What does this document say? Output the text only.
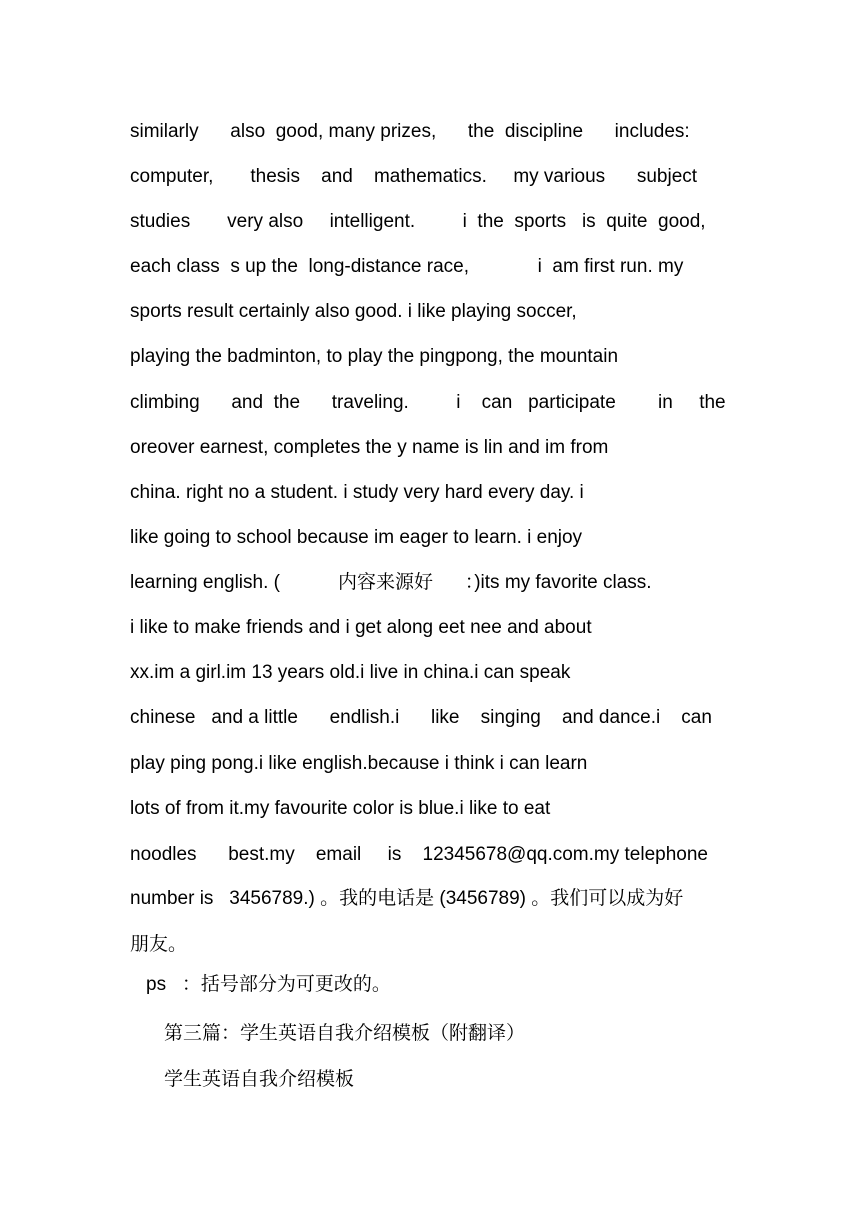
similarly      also  good, many prizes,      the  discipline      includes:
computer,       thesis    and    mathematics.     my various      subject
studies       very also     intelligent.         i  the  sports   is  quite  good,
each class  s up the  long-distance race,             i  am first run. my
sports result certainly also good. i like playing soccer,
playing the badminton, to play the pingpong, the mountain
climbing      and  the      traveling.         i    can   participate        in     the
oreover earnest, completes the y name is lin and im from
china. right no a student. i study very hard every day. i
like going to school because im eager to learn. i enjoy
learning english. (           内容来源好      ：)its my favorite class.
i like to make friends and i get along eet nee and about
xx.im a girl.im 13 years old.i live in china.i can speak
chinese   and a little      endlish.i      like    singing    and dance.i    can
play ping pong.i like english.because i think i can learn
lots of from it.my favourite color is blue.i like to eat
noodles      best.my    email     is    12345678@qq.com.my telephone
number is   3456789.) 。我的电话是 (3456789) 。我们可以成为好
朋友。
ps   ：括号部分为可更改的。
第三篇：学生英语自我介绍模板（附翻译）
学生英语自我介绍模板
